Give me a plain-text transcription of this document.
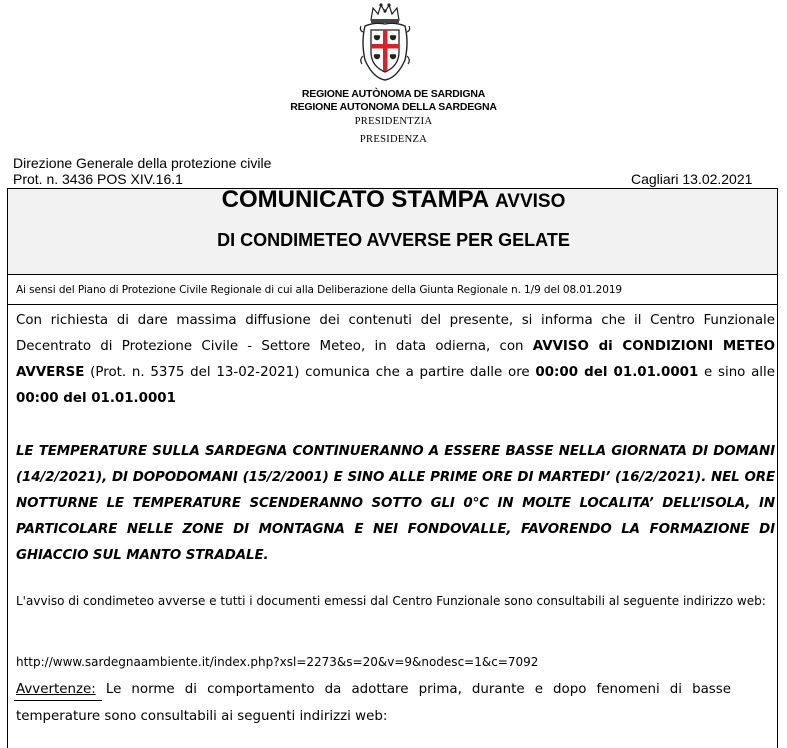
REGIONE AUTÒNOMA DE SARDIGNA
REGIONE AUTONOMA DELLA SARDEGNA
PRESIDENTZIA
PRESIDENZA
Direzione Generale della protezione civile
Prot. n. 3436 POS XIV.16.1	Cagliari 13.02.2021
COMUNICATO STAMPA AVVISO
DI CONDIMETEO AVVERSE PER GELATE
Ai sensi del Piano di Protezione Civile Regionale di cui alla Deliberazione della Giunta Regionale n. 1/9 del 08.01.2019
Con richiesta di dare massima diffusione dei contenuti del presente, si informa che il Centro Funzionale Decentrato di Protezione Civile - Settore Meteo, in data odierna, con AVVISO di CONDIZIONI METEO AVVERSE (Prot. n. 5375 del 13-02-2021) comunica che a partire dalle ore 00:00 del 01.01.0001 e sino alle 00:00 del 01.01.0001
LE TEMPERATURE SULLA SARDEGNA CONTINUERANNO A ESSERE BASSE NELLA GIORNATA DI DOMANI (14/2/2021), DI DOPODOMANI (15/2/2001) E SINO ALLE PRIME ORE DI MARTEDI’ (16/2/2021). NEL ORE NOTTURNE LE TEMPERATURE SCENDERANNO SOTTO GLI 0°C IN MOLTE LOCALITA’ DELL’ISOLA, IN PARTICOLARE NELLE ZONE DI MONTAGNA E NEI FONDOVALLE, FAVORENDO LA FORMAZIONE DI GHIACCIO SUL MANTO STRADALE.
L'avviso di condimeteo avverse e tutti i documenti emessi dal Centro Funzionale sono consultabili al seguente indirizzo web:
http://www.sardegnaambiente.it/index.php?xsl=2273&s=20&v=9&nodesc=1&c=7092
Avvertenze: Le norme di comportamento da adottare prima, durante e dopo fenomeni di basse temperature sono consultabili ai seguenti indirizzi web:
